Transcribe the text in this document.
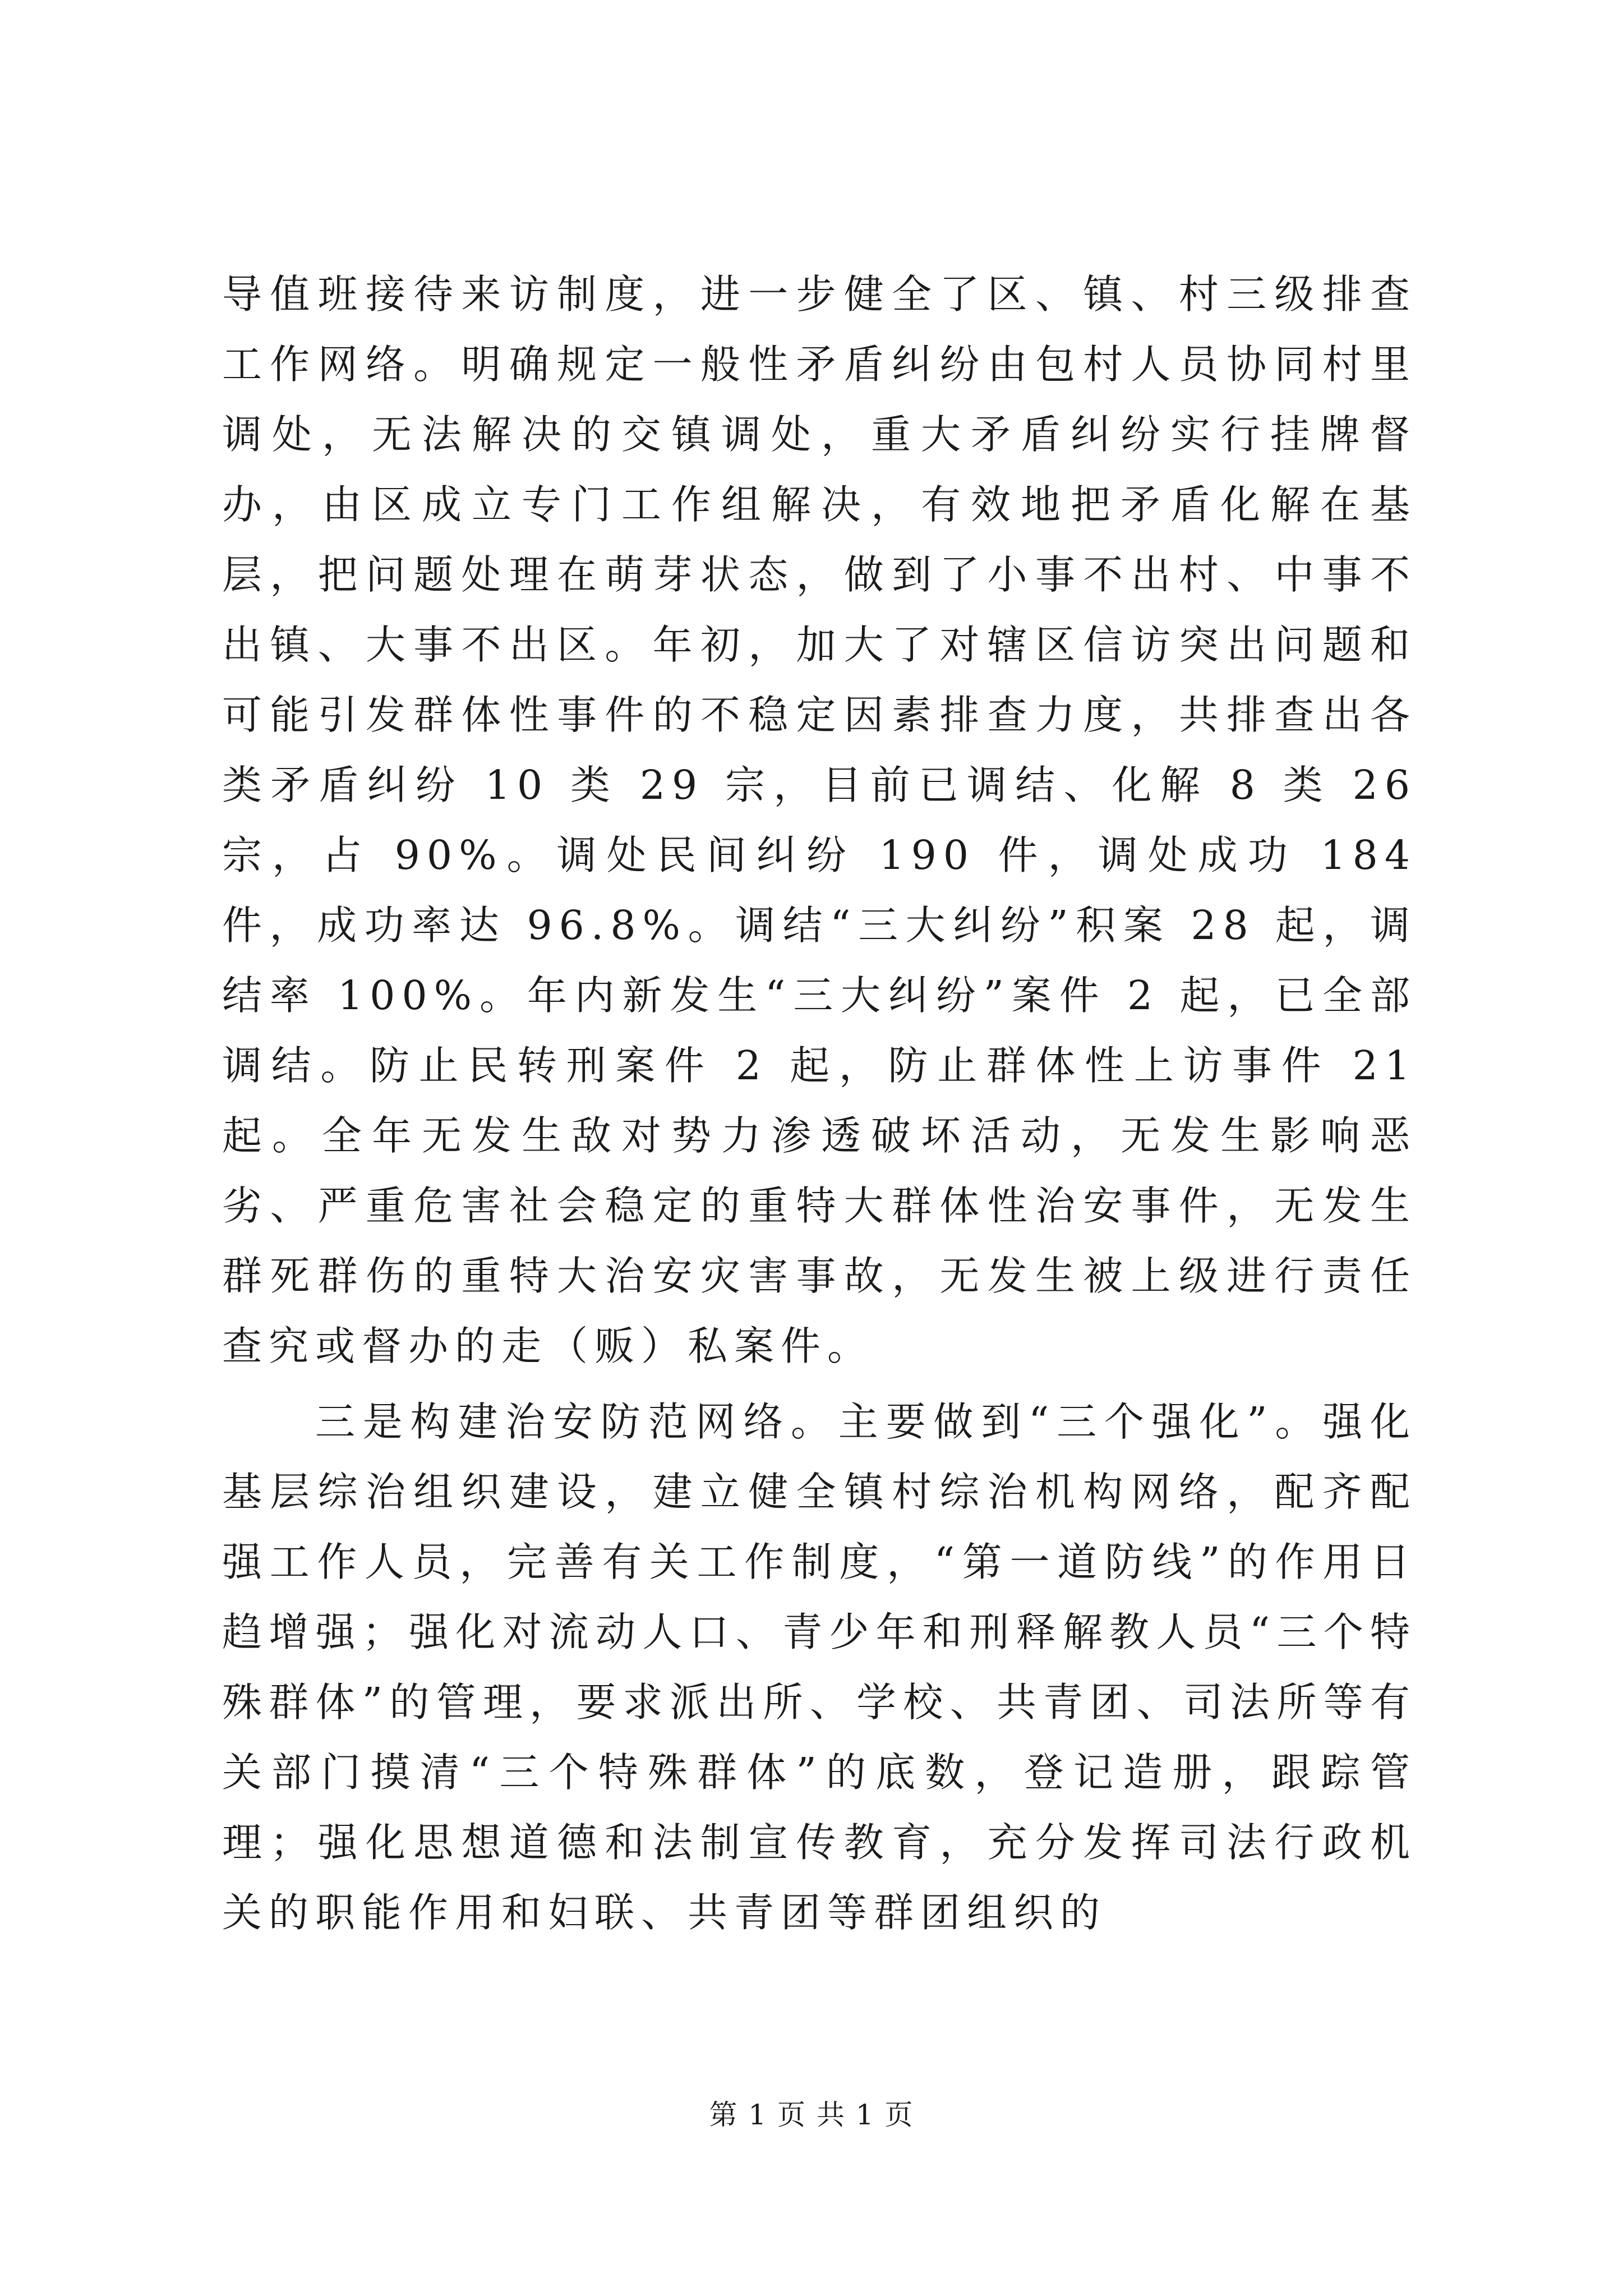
导值班接待来访制度，进一步健全了区、镇、村三级排查工作网络。明确规定一般性矛盾纠纷由包村人员协同村里调处，无法解决的交镇调处，重大矛盾纠纷实行挂牌督办，由区成立专门工作组解决，有效地把矛盾化解在基层，把问题处理在萌芽状态，做到了小事不出村、中事不出镇、大事不出区。年初，加大了对辖区信访突出问题和可能引发群体性事件的不稳定因素排查力度，共排查出各类矛盾纠纷 10 类 29 宗，目前已调结、化解 8 类 26 宗，占 90%。调处民间纠纷 190 件，调处成功 184 件，成功率达 96.8%。调结“三大纠纷”积案 28 起，调结率 100%。年内新发生“三大纠纷”案件 2 起，已全部调结。防止民转刑案件 2 起，防止群体性上访事件 21 起。全年无发生敌对势力渗透破坏活动，无发生影响恶劣、严重危害社会稳定的重特大群体性治安事件，无发生群死群伤的重特大治安灾害事故，无发生被上级进行责任查究或督办的走（贩）私案件。

三是构建治安防范网络。主要做到“三个强化”。强化基层综治组织建设，建立健全镇村综治机构网络，配齐配强工作人员，完善有关工作制度，“第一道防线”的作用日趋增强；强化对流动人口、青少年和刑释解教人员“三个特殊群体”的管理，要求派出所、学校、共青团、司法所等有关部门摸清“三个特殊群体”的底数，登记造册，跟踪管理；强化思想道德和法制宣传教育，充分发挥司法行政机关的职能作用和妇联、共青团等群团组织的

第 1 页 共 1 页
